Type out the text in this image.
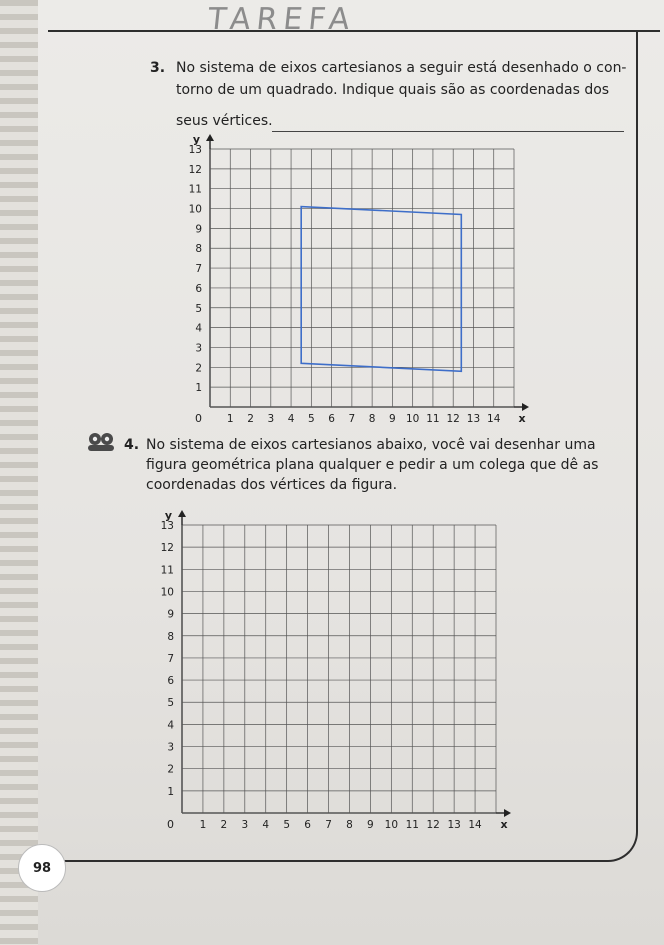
TAREFA
3. No sistema de eixos cartesianos a seguir está desenhado o con-
torno de um quadrado. Indique quais são as coordenadas dos
seus vértices.
1 2 3 4 5 6 7 8 9 10 11 12 13 14
1
2
3
4
5
6
7
8
9
10
11
12
13
0	x
y
4. No sistema de eixos cartesianos abaixo, você vai desenhar uma
figura geométrica plana qualquer e pedir a um colega que dê as
coordenadas dos vértices da figura.
1 2 3 4 5 6 7 8 9 10 11 12 13 14
1
2
3
4
5
6
7
8
9
10
11
12
13
0	x
y
98
